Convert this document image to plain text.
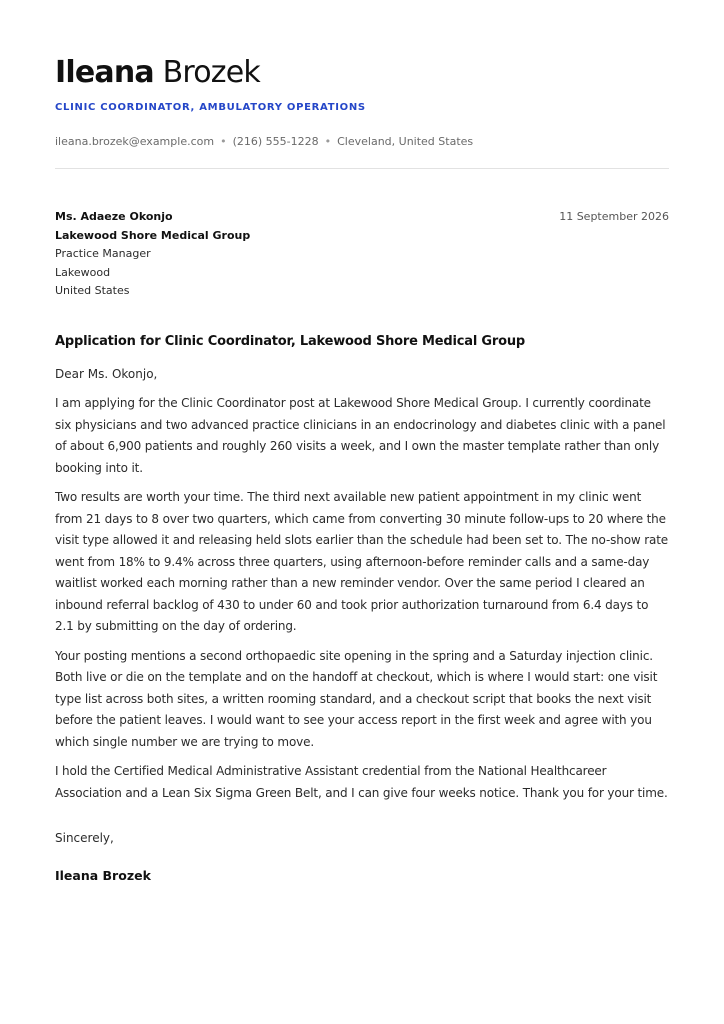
Ileana Brozek
CLINIC COORDINATOR, AMBULATORY OPERATIONS
ileana.brozek@example.com • (216) 555-1228 • Cleveland, United States
Ms. Adaeze Okonjo
Lakewood Shore Medical Group
Practice Manager
Lakewood
United States
11 September 2026
Application for Clinic Coordinator, Lakewood Shore Medical Group
Dear Ms. Okonjo,

I am applying for the Clinic Coordinator post at Lakewood Shore Medical Group. I currently coordinate six physicians and two advanced practice clinicians in an endocrinology and diabetes clinic with a panel of about 6,900 patients and roughly 260 visits a week, and I own the master template rather than only booking into it.

Two results are worth your time. The third next available new patient appointment in my clinic went from 21 days to 8 over two quarters, which came from converting 30 minute follow-ups to 20 where the visit type allowed it and releasing held slots earlier than the schedule had been set to. The no-show rate went from 18% to 9.4% across three quarters, using afternoon-before reminder calls and a same-day waitlist worked each morning rather than a new reminder vendor. Over the same period I cleared an inbound referral backlog of 430 to under 60 and took prior authorization turnaround from 6.4 days to 2.1 by submitting on the day of ordering.

Your posting mentions a second orthopaedic site opening in the spring and a Saturday injection clinic. Both live or die on the template and on the handoff at checkout, which is where I would start: one visit type list across both sites, a written rooming standard, and a checkout script that books the next visit before the patient leaves. I would want to see your access report in the first week and agree with you which single number we are trying to move.

I hold the Certified Medical Administrative Assistant credential from the National Healthcareer Association and a Lean Six Sigma Green Belt, and I can give four weeks notice. Thank you for your time.

Sincerely,
Ileana Brozek
